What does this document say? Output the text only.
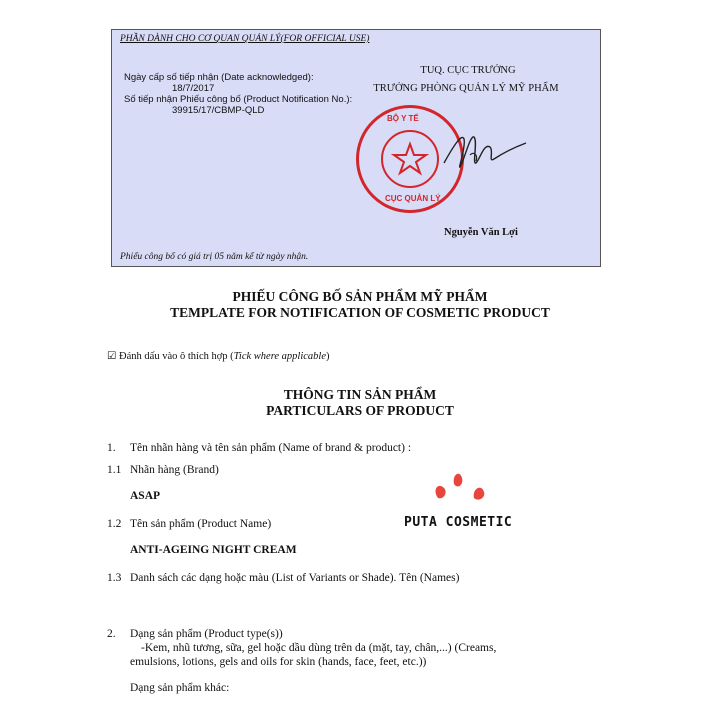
PHẦN DÀNH CHO CƠ QUAN QUẢN LÝ(FOR OFFICIAL USE)
Ngày cấp số tiếp nhận (Date acknowledged):
18/7/2017
Số tiếp nhận Phiếu công bố (Product Notification No.):
39915/17/CBMP-QLD
TUQ. CỤC TRƯỞNG
TRƯỞNG PHÒNG QUẢN LÝ MỸ PHẨM
Nguyễn Văn Lợi
Phiếu công bố có giá trị 05 năm kể từ ngày nhận.
BỘ Y TẾ
CỤC QUẢN LÝ
PHIẾU CÔNG BỐ SẢN PHẨM MỸ PHẨM
TEMPLATE FOR NOTIFICATION OF COSMETIC PRODUCT
☑ Đánh dấu vào ô thích hợp (Tick where applicable)
THÔNG TIN SẢN PHẨM
PARTICULARS OF PRODUCT
1. Tên nhãn hàng và tên sản phẩm (Name of brand & product) :
1.1 Nhãn hàng (Brand)
ASAP
1.2 Tên sản phẩm (Product Name)
ANTI-AGEING NIGHT CREAM
1.3 Danh sách các dạng hoặc màu (List of Variants or Shade). Tên (Names)
2. Dạng sản phẩm (Product type(s))
-Kem, nhũ tương, sữa, gel hoặc dầu dùng trên da (mặt, tay, chân,...) (Creams,
emulsions, lotions, gels and oils for skin (hands, face, feet, etc.))
Dạng sản phẩm khác:
PUTA COSMETIC
